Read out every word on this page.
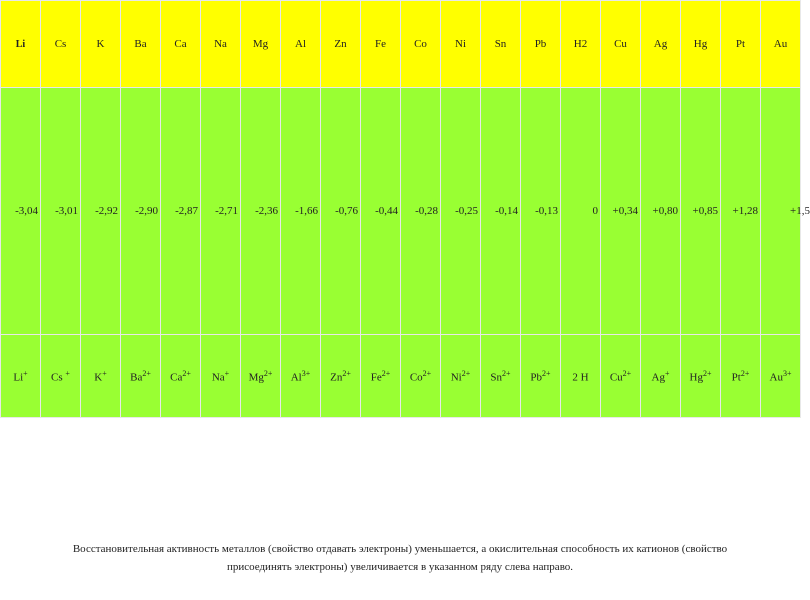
Li	Cs	K	Ba	Ca	Na	Mg	Al	Zn	Fe	Co	Ni	Sn	Pb	H2	Cu	Ag	Hg	Pt	Au
-3,04	-3,01	-2,92	-2,90	-2,87	-2,71	-2,36	-1,66	-0,76	-0,44	-0,28	-0,25	-0,14	-0,13	0	+0,34	+0,80	+0,85	+1,28	+1,5
Li+	Cs +	K+	$Ba^{2+}$	$Ca^{2+}$	Na+	$Mg^{2+}$	$Al^{3+}$	$Zn^{2+}$	$Fe^{2+}$	$Co^{2+}$	$Ni^{2+}$	$Sn^{2+}$	$Pb^{2+}$	2 H	$Cu^{2+}$	Ag+	$Hg^{2+}$	$Pt^{2+}$	$Au^{3+}$
Восстановительная активность металлов (свойство отдавать электроны) уменьшается, а окислительная способность их катионов (свойство
присоединять электроны) увеличивается в указанном ряду слева направо.
